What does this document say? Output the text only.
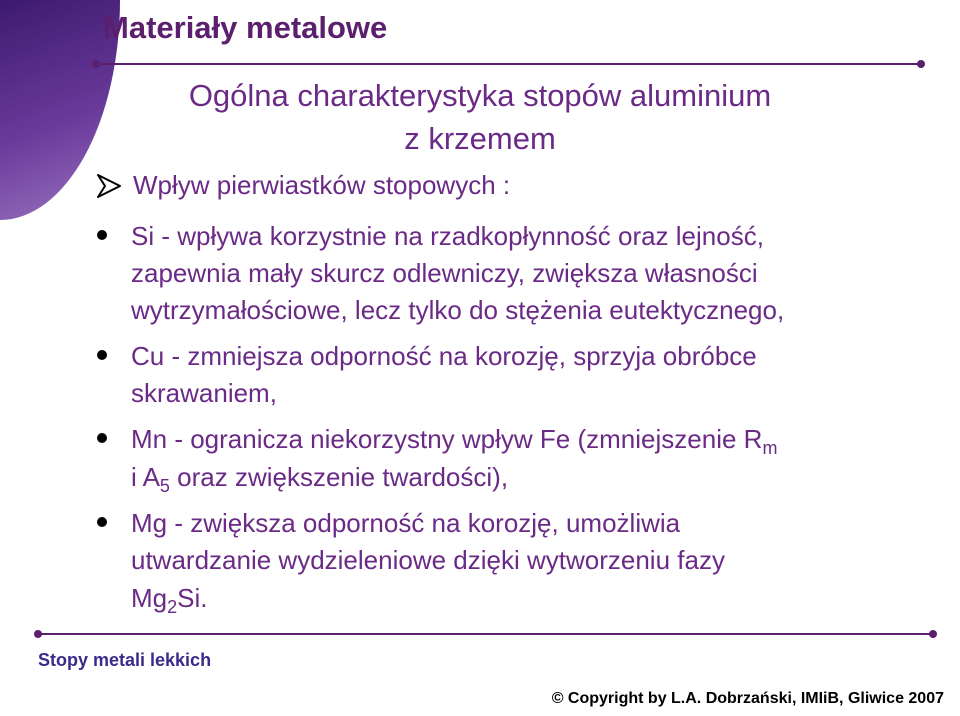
Materiały metalowe
Ogólna charakterystyka stopów aluminium
z krzemem
Wpływ pierwiastków stopowych :
Si - wpływa korzystnie na rzadkopłynność oraz lejność,
zapewnia mały skurcz odlewniczy, zwiększa własności
wytrzymałościowe, lecz tylko do stężenia eutektycznego,
Cu - zmniejsza odporność na korozję, sprzyja obróbce
skrawaniem,
Mn - ogranicza niekorzystny wpływ Fe (zmniejszenie $R_m$
i $A_5$ oraz zwiększenie twardości),
Mg - zwiększa odporność na korozję, umożliwia
utwardzanie wydzieleniowe dzięki wytworzeniu fazy
$Mg_2Si$.
Stopy metali lekkich
© Copyright by L.A. Dobrzański, IMIiB, Gliwice 2007
